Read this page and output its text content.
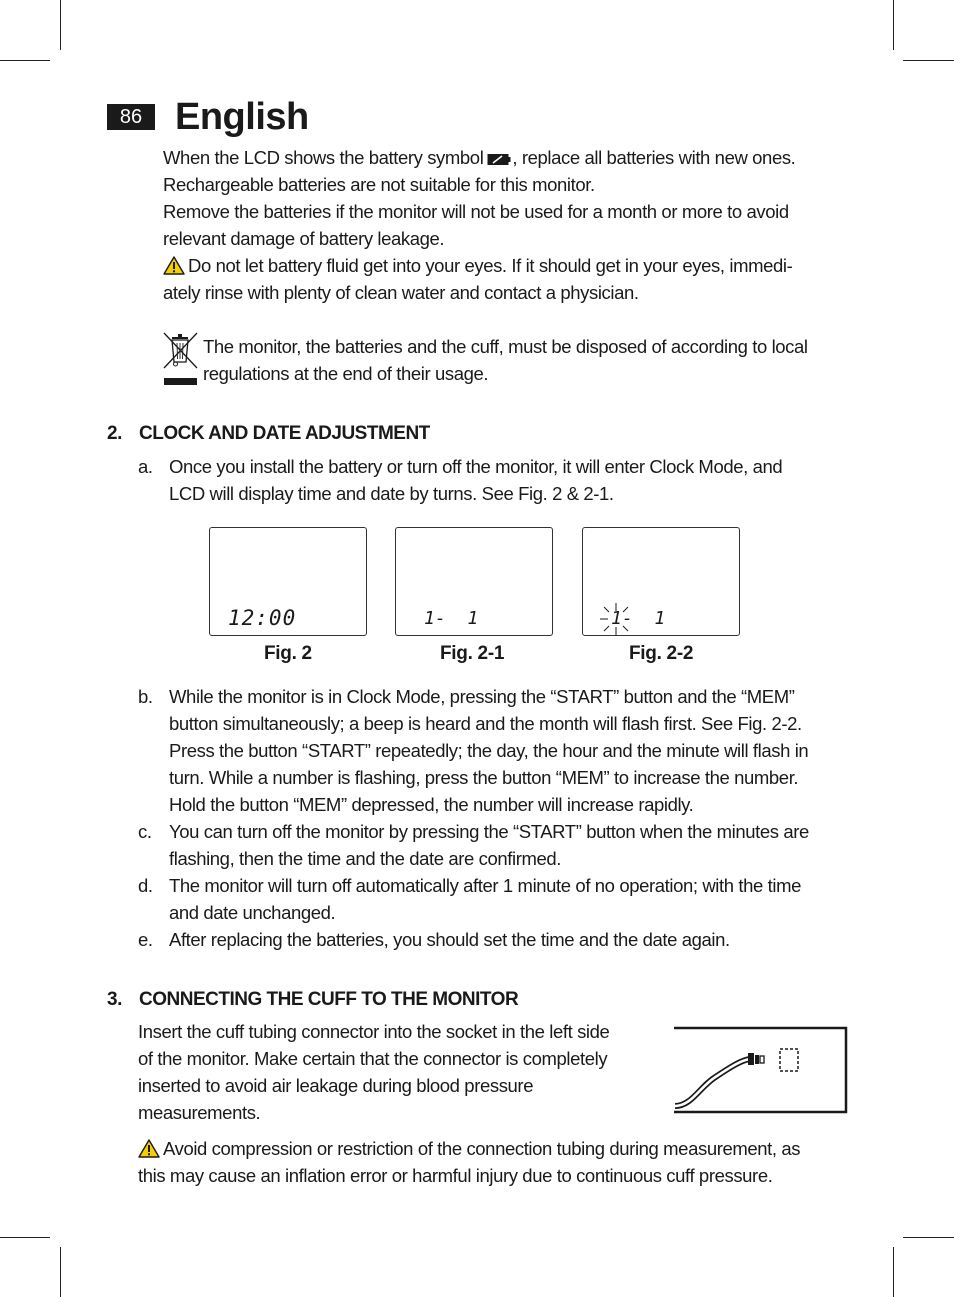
86 English
When the LCD shows the battery symbol , replace all batteries with new ones.
Rechargeable batteries are not suitable for this monitor.
Remove the batteries if the monitor will not be used for a month or more to avoid
relevant damage of battery leakage.
Do not let battery fluid get into your eyes. If it should get in your eyes, immedi-
ately rinse with plenty of clean water and contact a physician.
The monitor, the batteries and the cuff, must be disposed of according to local
regulations at the end of their usage.
2. CLOCK AND DATE ADJUSTMENT
a. Once you install the battery or turn off the monitor, it will enter Clock Mode, and
LCD will display time and date by turns. See Fig. 2 & 2-1.
12:00	1-  1	1-  1
Fig. 2	Fig. 2-1	Fig. 2-2
b. While the monitor is in Clock Mode, pressing the “START” button and the “MEM”
button simultaneously; a beep is heard and the month will flash first. See Fig. 2-2.
Press the button “START” repeatedly; the day, the hour and the minute will flash in
turn. While a number is flashing, press the button “MEM” to increase the number.
Hold the button “MEM” depressed, the number will increase rapidly.
c. You can turn off the monitor by pressing the “START” button when the minutes are
flashing, then the time and the date are confirmed.
d. The monitor will turn off automatically after 1 minute of no operation; with the time
and date unchanged.
e. After replacing the batteries, you should set the time and the date again.
3. CONNECTING THE CUFF TO THE MONITOR
Insert the cuff tubing connector into the socket in the left side
of the monitor. Make certain that the connector is completely
inserted to avoid air leakage during blood pressure
measurements.
Avoid compression or restriction of the connection tubing during measurement, as
this may cause an inflation error or harmful injury due to continuous cuff pressure.
